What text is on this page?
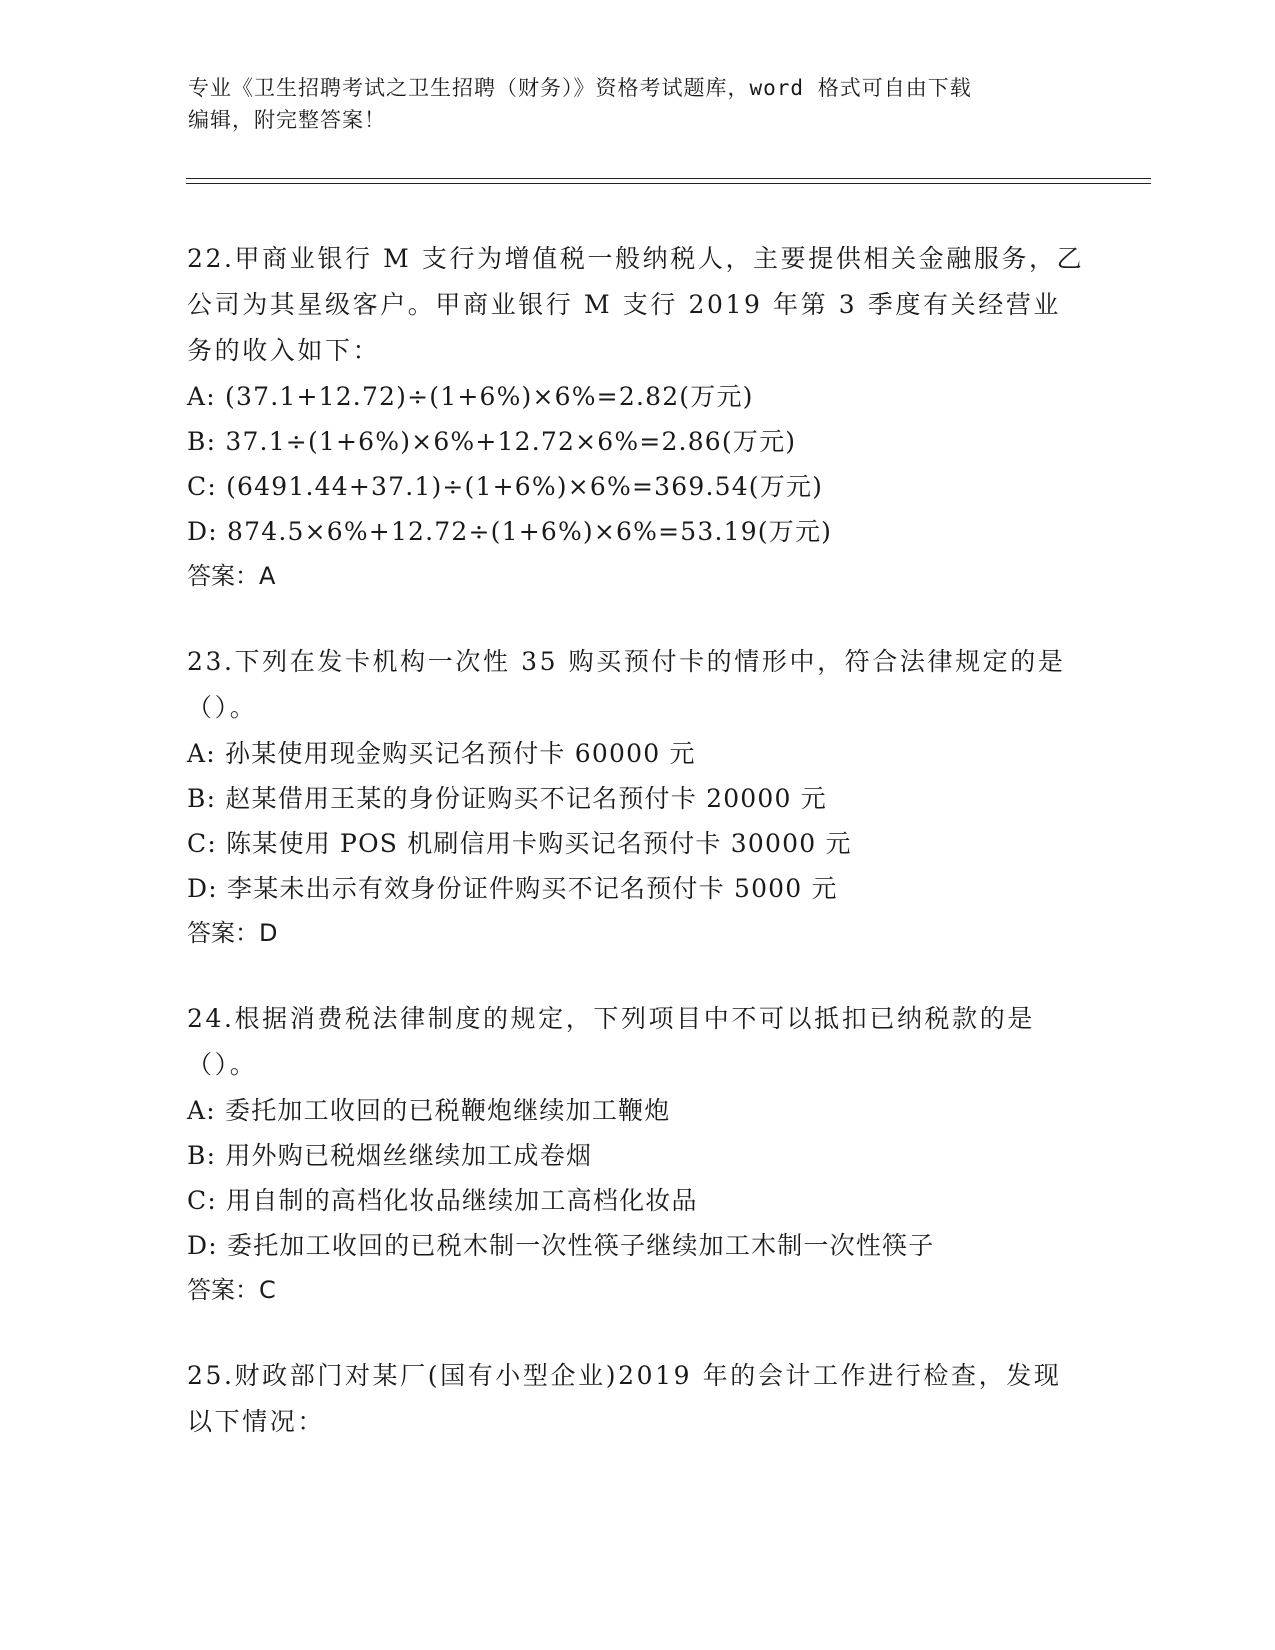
专业《卫生招聘考试之卫生招聘（财务）》资格考试题库，word 格式可自由下载
编辑，附完整答案！
22.甲商业银行 M 支行为增值税一般纳税人，主要提供相关金融服务，乙公司为其星级客户。甲商业银行 M 支行 2019 年第 3 季度有关经营业务的收入如下：
A: (37.1+12.72)÷(1+6%)×6%=2.82(万元)
B: 37.1÷(1+6%)×6%+12.72×6%=2.86(万元)
C: (6491.44+37.1)÷(1+6%)×6%=369.54(万元)
D: 874.5×6%+12.72÷(1+6%)×6%=53.19(万元)
答案：A
23.下列在发卡机构一次性 35 购买预付卡的情形中，符合法律规定的是（）。
A: 孙某使用现金购买记名预付卡 60000 元
B: 赵某借用王某的身份证购买不记名预付卡 20000 元
C: 陈某使用 POS 机刷信用卡购买记名预付卡 30000 元
D: 李某未出示有效身份证件购买不记名预付卡 5000 元
答案：D
24.根据消费税法律制度的规定，下列项目中不可以抵扣已纳税款的是（）。
A: 委托加工收回的已税鞭炮继续加工鞭炮
B: 用外购已税烟丝继续加工成卷烟
C: 用自制的高档化妆品继续加工高档化妆品
D: 委托加工收回的已税木制一次性筷子继续加工木制一次性筷子
答案：C
25.财政部门对某厂(国有小型企业)2019 年的会计工作进行检查，发现以下情况：
